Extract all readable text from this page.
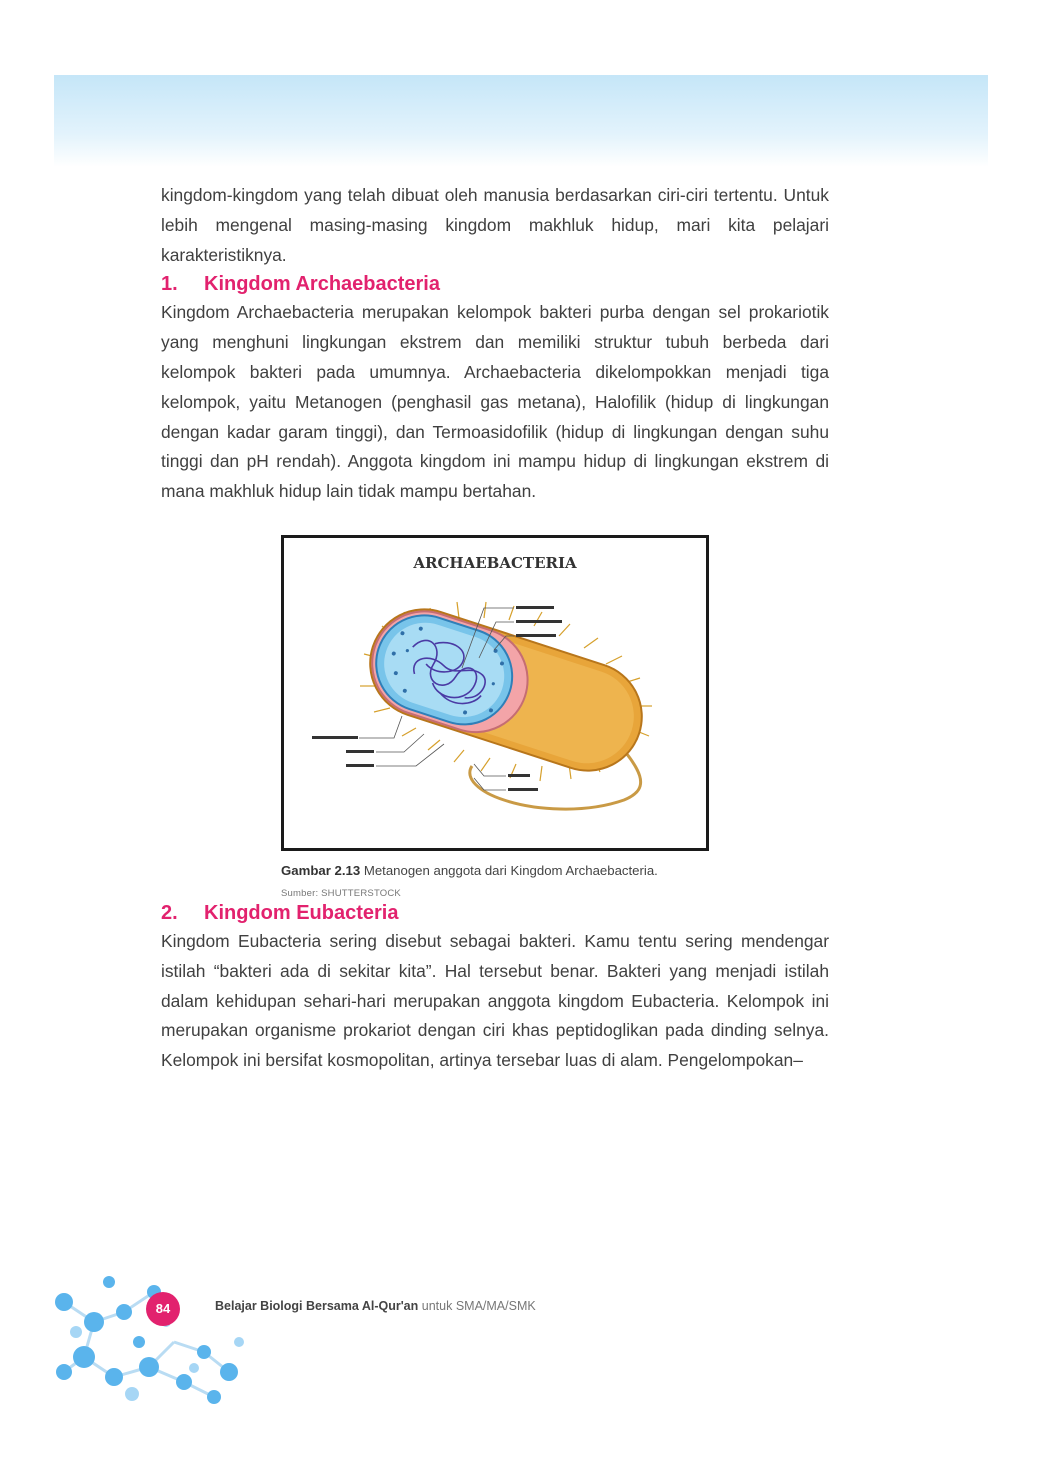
kingdom-kingdom yang telah dibuat oleh manusia berdasarkan ciri-ciri tertentu. Untuk lebih mengenal masing-masing kingdom makhluk hidup, mari kita pelajari karakteristiknya.

1.	Kingdom Archaebacteria

Kingdom Archaebacteria merupakan kelompok bakteri purba dengan sel prokariotik yang menghuni lingkungan ekstrem dan memiliki struktur tubuh berbeda dari kelompok bakteri pada umumnya. Archaebacteria dikelompokkan menjadi tiga kelompok, yaitu Metanogen (penghasil gas metana), Halofilik (hidup di lingkungan dengan kadar garam tinggi), dan Termoasidofilik (hidup di lingkungan dengan suhu tinggi dan pH rendah). Anggota kingdom ini mampu hidup di lingkungan ekstrem di mana makhluk hidup lain tidak mampu bertahan.

ARCHAEBACTERIA
Gambar 2.13 Metanogen anggota dari Kingdom Archaebacteria.
Sumber: SHUTTERSTOCK
2.	Kingdom Eubacteria

Kingdom Eubacteria sering disebut sebagai bakteri. Kamu tentu sering mendengar istilah “bakteri ada di sekitar kita”. Hal tersebut benar. Bakteri yang menjadi istilah dalam kehidupan sehari-hari merupakan anggota kingdom Eubacteria. Kelompok ini merupakan organisme prokariot dengan ciri khas peptidoglikan pada dinding selnya. Kelompok ini bersifat kosmopolitan, artinya tersebar luas di alam. Pengelompokan–

84	Belajar Biologi Bersama Al-Qur'an untuk SMA/MA/SMK
